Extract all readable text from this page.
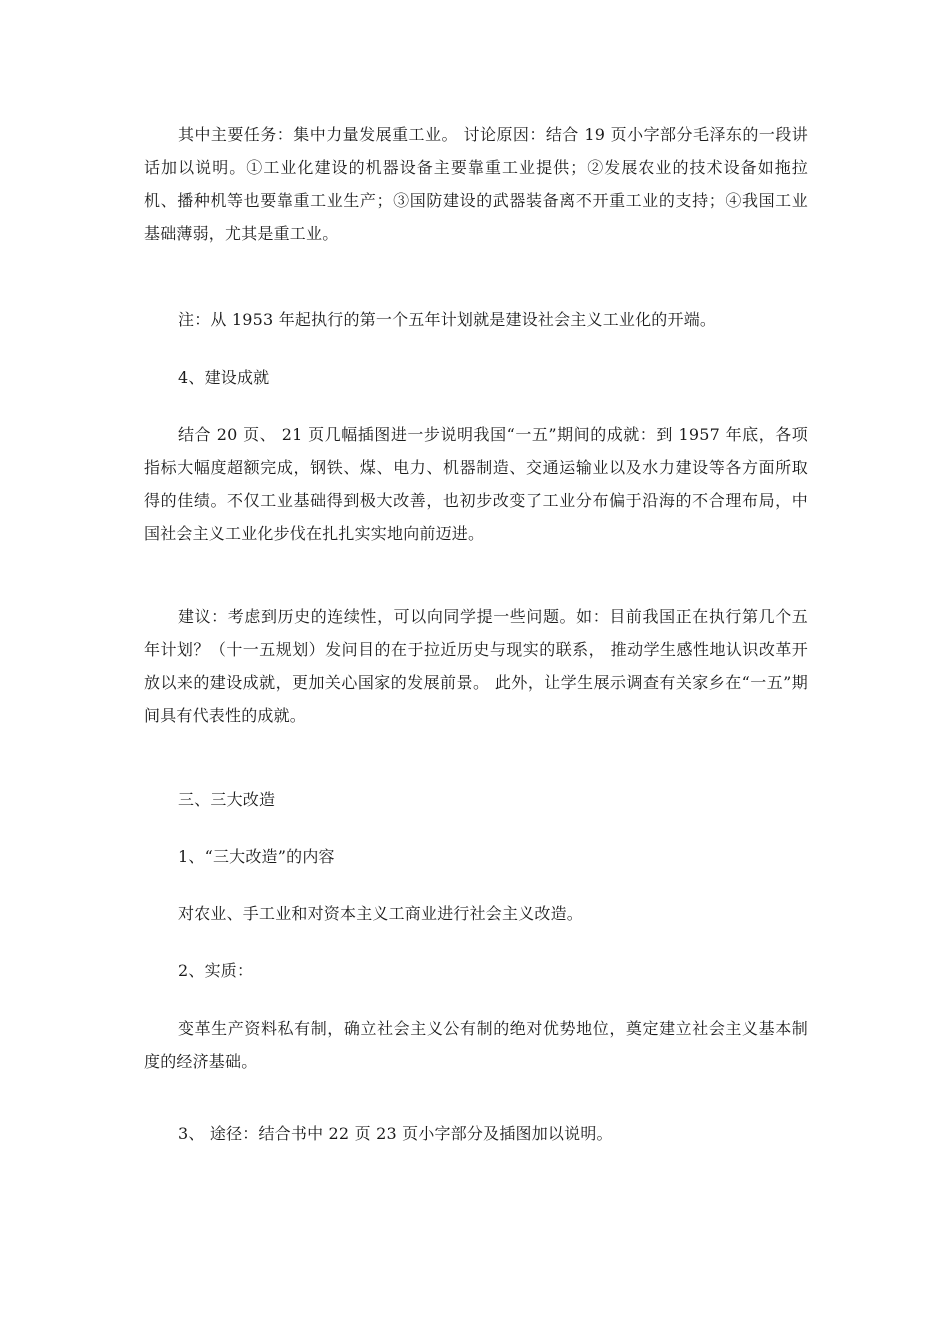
其中主要任务：集中力量发展重工业。 讨论原因：结合 19 页小字部分毛泽东的一段讲话加以说明。①工业化建设的机器设备主要靠重工业提供；②发展农业的技术设备如拖拉机、播种机等也要靠重工业生产；③国防建设的武器装备离不开重工业的支持；④我国工业基础薄弱，尤其是重工业。

注：从 1953 年起执行的第一个五年计划就是建设社会主义工业化的开端。

4、建设成就

结合 20 页、 21 页几幅插图进一步说明我国“一五”期间的成就：到 1957 年底，各项指标大幅度超额完成，钢铁、煤、电力、机器制造、交通运输业以及水力建设等各方面所取得的佳绩。不仅工业基础得到极大改善，也初步改变了工业分布偏于沿海的不合理布局，中国社会主义工业化步伐在扎扎实实地向前迈进。

建议：考虑到历史的连续性，可以向同学提一些问题。如：目前我国正在执行第几个五年计划？（十一五规划）发问目的在于拉近历史与现实的联系， 推动学生感性地认识改革开放以来的建设成就，更加关心国家的发展前景。 此外，让学生展示调查有关家乡在“一五”期间具有代表性的成就。

三、三大改造

1、“三大改造”的内容

对农业、手工业和对资本主义工商业进行社会主义改造。

2、实质：

变革生产资料私有制，确立社会主义公有制的绝对优势地位，奠定建立社会主义基本制度的经济基础。

3、 途径：结合书中 22 页 23 页小字部分及插图加以说明。
